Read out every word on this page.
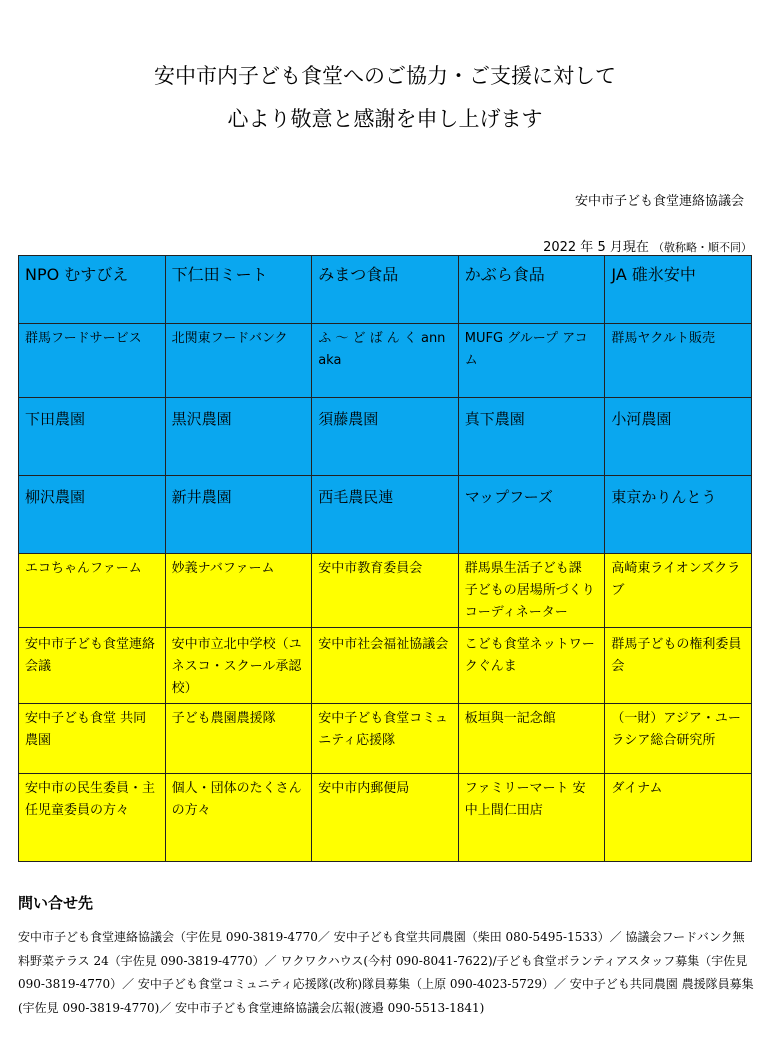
安中市内子ども食堂へのご協力・ご支援に対して
心より敬意と感謝を申し上げます
安中市子ども食堂連絡協議会
2022 年 5 月現在 （敬称略・順不同）
NPO むすびえ	下仁田ミート	みまつ食品	かぶら食品	JA 碓氷安中
群馬フードサービス	北関東フードバンク	ふ ～ ど ば ん く annaka	MUFG グループ アコム	群馬ヤクルト販売
下田農園	黒沢農園	須藤農園	真下農園	小河農園
柳沢農園	新井農園	西毛農民連	マップフーズ	東京かりんとう
エコちゃんファーム	妙義ナバファーム	安中市教育委員会	群馬県生活子ども課 子どもの居場所づくりコーディネーター	高崎東ライオンズクラブ
安中市子ども食堂連絡会議	安中市立北中学校（ユネスコ・スクール承認校）	安中市社会福祉協議会	こども食堂ネットワークぐんま	群馬子どもの権利委員会
安中子ども食堂 共同農園	子ども農園農援隊	安中子ども食堂コミュニティ応援隊	板垣與一記念館	（一財）アジア・ユーラシア総合研究所
安中市の民生委員・主任児童委員の方々	個人・団体のたくさんの方々	安中市内郵便局	ファミリーマート 安中上間仁田店	ダイナム
問い合せ先
安中市子ども食堂連絡協議会（宇佐見 090-3819-4770／ 安中子ども食堂共同農園（柴田 080-5495-1533）／ 協議会フードバンク無料野菜テラス 24（宇佐見 090-3819-4770）／ ワクワクハウス(今村 090-8041-7622)/子ども食堂ボランティアスタッフ募集（宇佐見 090-3819-4770）／ 安中子ども食堂コミュニティ応援隊(改称)隊員募集（上原 090-4023-5729）／ 安中子ども共同農園 農援隊員募集(宇佐見 090-3819-4770)／ 安中市子ども食堂連絡協議会広報(渡邉 090-5513-1841)
